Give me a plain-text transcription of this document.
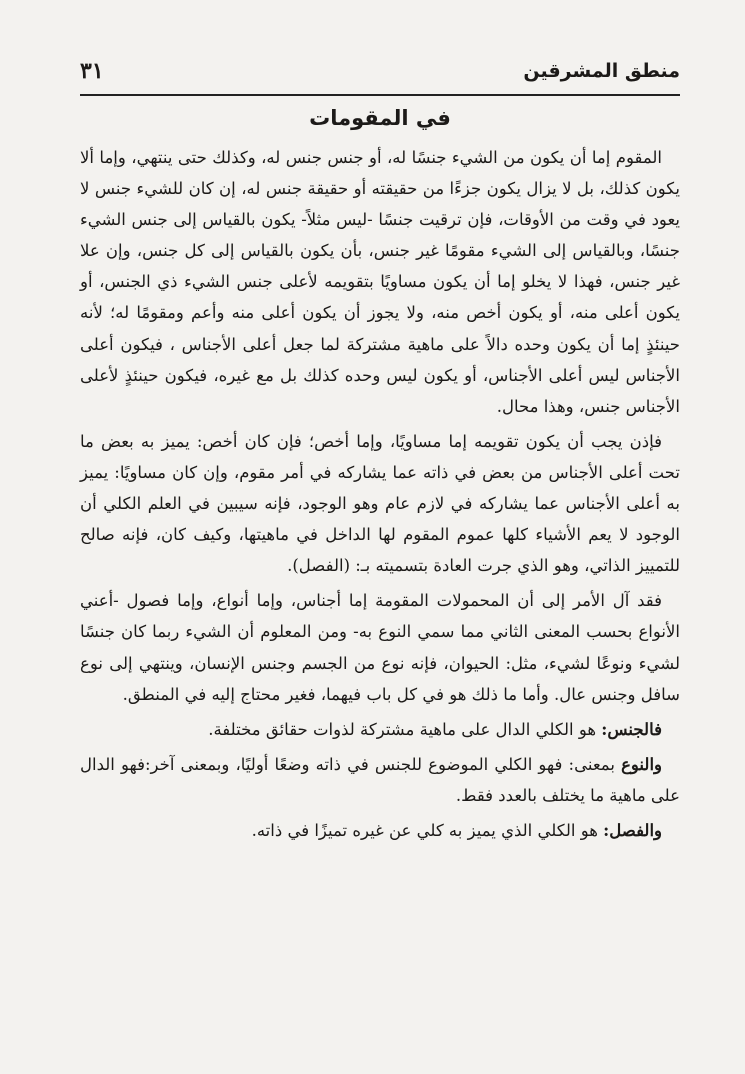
منطق المشرقين
٣١
في المقومات

المقوم إما أن يكون من الشيء جنسًا له، أو جنس جنس له، وكذلك حتى ينتهي، وإما ألا يكون كذلك، بل لا يزال يكون جزءًا من حقيقته أو حقيقة جنس له، إن كان للشيء جنس لا يعود في وقت من الأوقات، فإن ترقيت جنسًا -ليس مثلاً- يكون بالقياس إلى جنس الشيء جنسًا، وبالقياس إلى الشيء مقومًا غير جنس، بأن يكون بالقياس إلى كل جنس، وإن علا غير جنس، فهذا لا يخلو إما أن يكون مساويًا بتقويمه لأعلى جنس الشيء ذي الجنس، أو يكون أعلى منه، أو يكون أخص منه، ولا يجوز أن يكون أعلى منه وأعم ومقومًا له؛ لأنه حينئذٍ إما أن يكون وحده دالاً على ماهية مشتركة لما جعل أعلى الأجناس ، فيكون أعلى الأجناس ليس أعلى الأجناس، أو يكون ليس وحده كذلك بل مع غيره، فيكون حينئذٍ لأعلى الأجناس جنس، وهذا محال.

فإذن يجب أن يكون تقويمه إما مساويًا، وإما أخص؛ فإن كان أخص: يميز به بعض ما تحت أعلى الأجناس من بعض في ذاته عما يشاركه في أمر مقوم، وإن كان مساويًا: يميز به أعلى الأجناس عما يشاركه في لازم عام وهو الوجود، فإنه سيبين في العلم الكلي أن الوجود لا يعم الأشياء كلها عموم المقوم لها الداخل في ماهيتها، وكيف كان، فإنه صالح للتمييز الذاتي، وهو الذي جرت العادة بتسميته بـ: (الفصل).

فقد آل الأمر إلى أن المحمولات المقومة إما أجناس، وإما أنواع، وإما فصول -أعني الأنواع بحسب المعنى الثاني مما سمي النوع به- ومن المعلوم أن الشيء ربما كان جنسًا لشيء ونوعًا لشيء، مثل: الحيوان، فإنه نوع من الجسم وجنس الإنسان، وينتهي إلى نوع سافل وجنس عال. وأما ما ذلك هو في كل باب فيهما، فغير محتاج إليه في المنطق.

فالجنس: هو الكلي الدال على ماهية مشتركة لذوات حقائق مختلفة.

والنوع بمعنى: فهو الكلي الموضوع للجنس في ذاته وضعًا أوليًا، وبمعنى آخر:فهو الدال على ماهية ما يختلف بالعدد فقط.

والفصل: هو الكلي الذي يميز به كلي عن غيره تميزًا في ذاته.
